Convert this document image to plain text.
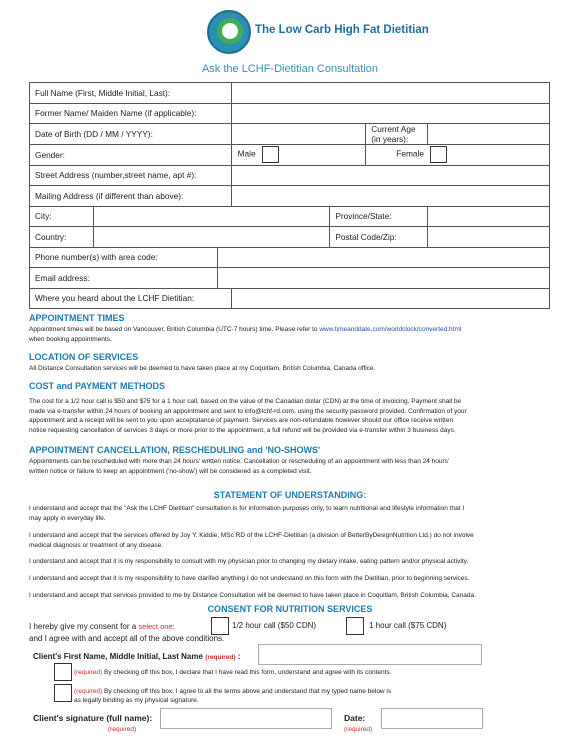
The Low Carb High Fat Dietitian
Ask the LCHF-Dietitian Consultation
Full Name (First, Middle Initial, Last):						
Former Name/ Maiden Name (if applicable):						
Date of Birth (DD / MM / YYYY):					Current Age (in years):	
Gender:			Male		Female	
Street Address (number,street name, apt #):						
Mailing Address (if different than above):						
City:				Province/State:		
Country:				Postal Code/Zip:		
Phone number(s) with area code:						
Email address:						
Where you heard about the LCHF Dietitian:						
APPOINTMENT TIMES
Appointment times will be based on Vancouver, British Columbia (UTC-7 hours) time. Please refer to www.timeanddate.com/worldclock/converted.html
when booking appointments.
LOCATION OF SERVICES
All Distance Consultation services will be deemed to have taken place at my Coquitlam, British Columbia, Canada office.
COST and PAYMENT METHODS
The cost for a 1/2 hour call is $50 and $75 for a 1 hour call, based on the value of the Canadian dollar (CDN) at the time of invoicing. Payment shall be
made via e-transfer within 24 hours of booking an appointment and sent to info@lchf-rd.com, using the security password provided. Confirmation of your
appointment and a receipt will be sent to you upon acceptatance of payment. Services are non-refundable however should our office receive written
notice requesting cancellation of services 3 days or more prior to the appointment, a full refund will be provided via e-transfer within 3 business days.
APPOINTMENT CANCELLATION, RESCHEDULING and 'NO-SHOWS'
Appointments can be rescheduled with more than 24 hours' written notice. Cancellation or rescheduling of an appointment with less than 24 hours'
written notice or failure to keep an appointment ('no-show') will be considered as a completed visit.
STATEMENT OF UNDERSTANDING:
I understand and accept that the "Ask the LCHF Dietitian" consultation is for information purposes only, to learn nutritional and lifestyle information that I
may apply in everyday life.
I understand and accept that the services offered by Joy Y. Kiddie, MSc RD of the LCHF-Dietitian (a division of BetterByDesignNutrition Ltd.) do not involve
medical diagnosis or treatment of any disease.
I understand and accept that it is my responsibility to consult with my physician prior to changing my dietary intake, eating pattern and/or physical activity.
I understand and accept that it is my responsibility to have clarifed anything I do not understand on this form with the Dietitian, prior to beginning services.
I understand and accept that services provided to me by Distance Consultation will be deemed to have taken place in Coquitlam, British Columbia, Canada.
CONSENT FOR NUTRITION SERVICES
I hereby give my consent for a select one:	1/2 hour call ($50 CDN)	1 hour call ($75 CDN)
and I agree with and accept all of the above conditions.
Client's First Name, Middle Initial, Last Name (required) :
(required) By checking off this box, I declare that I have read this form, understand and agree with its contents.
(required) By checking off this box, I agree to all the terms above and understand that my typed name below is
as legally binding as my physical signature.
Client's signature (full name):
(required)
Date:
(required)
